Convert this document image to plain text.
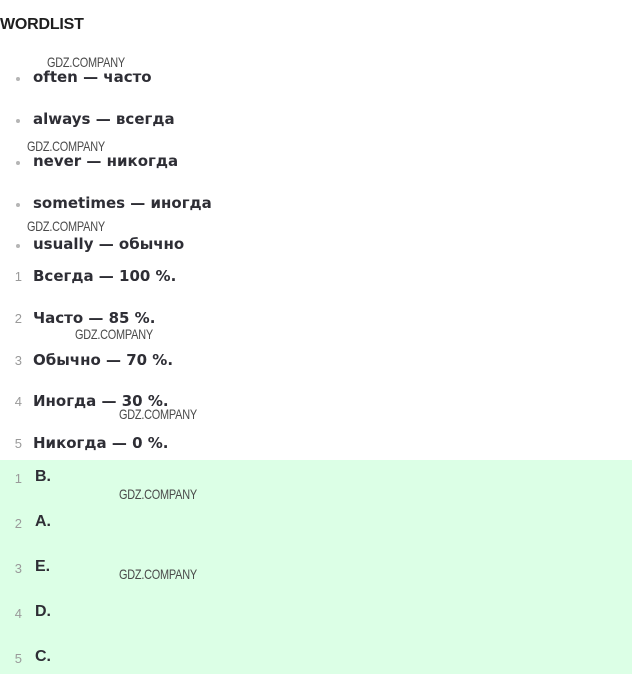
WORDLIST
often — часто
always — всегда
never — никогда
sometimes — иногда
usually — обычно
1 Всегда — 100 %.
2 Часто — 85 %.
3 Обычно — 70 %.
4 Иногда — 30 %.
5 Никогда — 0 %.
1 B.
2 A.
3 E.
4 D.
5 C.
GDZ.COMPANY
GDZ.COMPANY
GDZ.COMPANY
GDZ.COMPANY
GDZ.COMPANY
GDZ.COMPANY
GDZ.COMPANY
